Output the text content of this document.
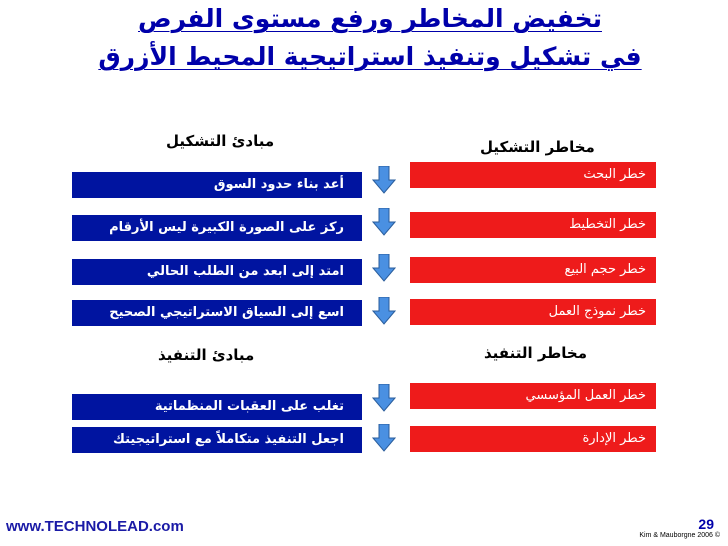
تخفيض المخاطر ورفع مستوى الفرص
في تشكيل وتنفيذ استراتيجية المحيط الأزرق
مخاطر التشكيل
مبادئ التشكيل
خطر البحث
خطر التخطيط
خطر حجم البيع
خطر نموذج العمل
أعد بناء حدود السوق
ركز على الصورة الكبيرة ليس الأرقام
امتد إلى ابعد من الطلب الحالي
اسع إلى السياق الاستراتيجي الصحيح
مخاطر التنفيذ
مبادئ التنفيذ
خطر العمل المؤسسي
خطر الإدارة
تغلب على العقبات المنظماتية
اجعل التنفيذ متكاملاً مع استراتيجيتك
www.TECHNOLEAD.com	29
Kim & Mauborgne 2006 ©
